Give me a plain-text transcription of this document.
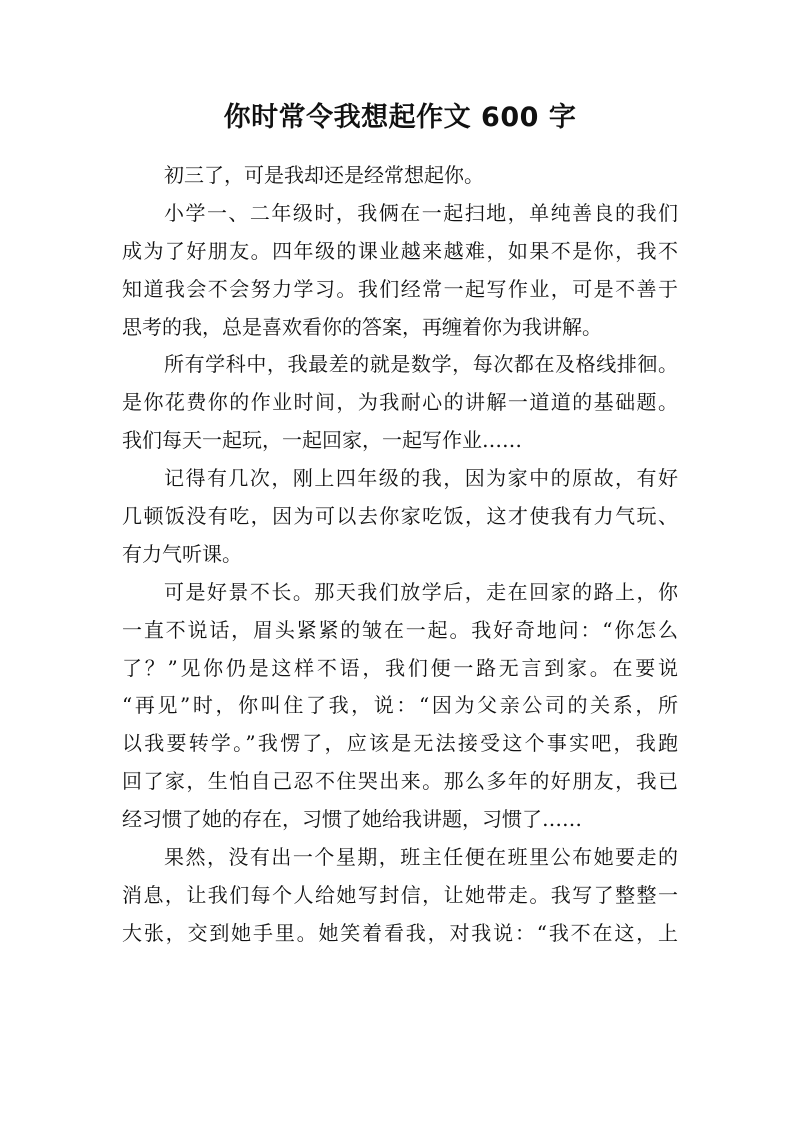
你时常令我想起作文 600 字
初三了，可是我却还是经常想起你。
小学一、二年级时，我俩在一起扫地，单纯善良的我们
成为了好朋友。四年级的课业越来越难，如果不是你，我不
知道我会不会努力学习。我们经常一起写作业，可是不善于
思考的我，总是喜欢看你的答案，再缠着你为我讲解。
所有学科中，我最差的就是数学，每次都在及格线排徊。
是你花费你的作业时间，为我耐心的讲解一道道的基础题。
我们每天一起玩，一起回家，一起写作业……
记得有几次，刚上四年级的我，因为家中的原故，有好
几顿饭没有吃，因为可以去你家吃饭，这才使我有力气玩、
有力气听课。
可是好景不长。那天我们放学后，走在回家的路上，你
一直不说话，眉头紧紧的皱在一起。我好奇地问：“你怎么
了？”见你仍是这样不语，我们便一路无言到家。在要说
“再见”时，你叫住了我，说：“因为父亲公司的关系，所
以我要转学。”我愣了，应该是无法接受这个事实吧，我跑
回了家，生怕自己忍不住哭出来。那么多年的好朋友，我已
经习惯了她的存在，习惯了她给我讲题，习惯了……
果然，没有出一个星期，班主任便在班里公布她要走的
消息，让我们每个人给她写封信，让她带走。我写了整整一
大张，交到她手里。她笑着看我，对我说：“我不在这，上
